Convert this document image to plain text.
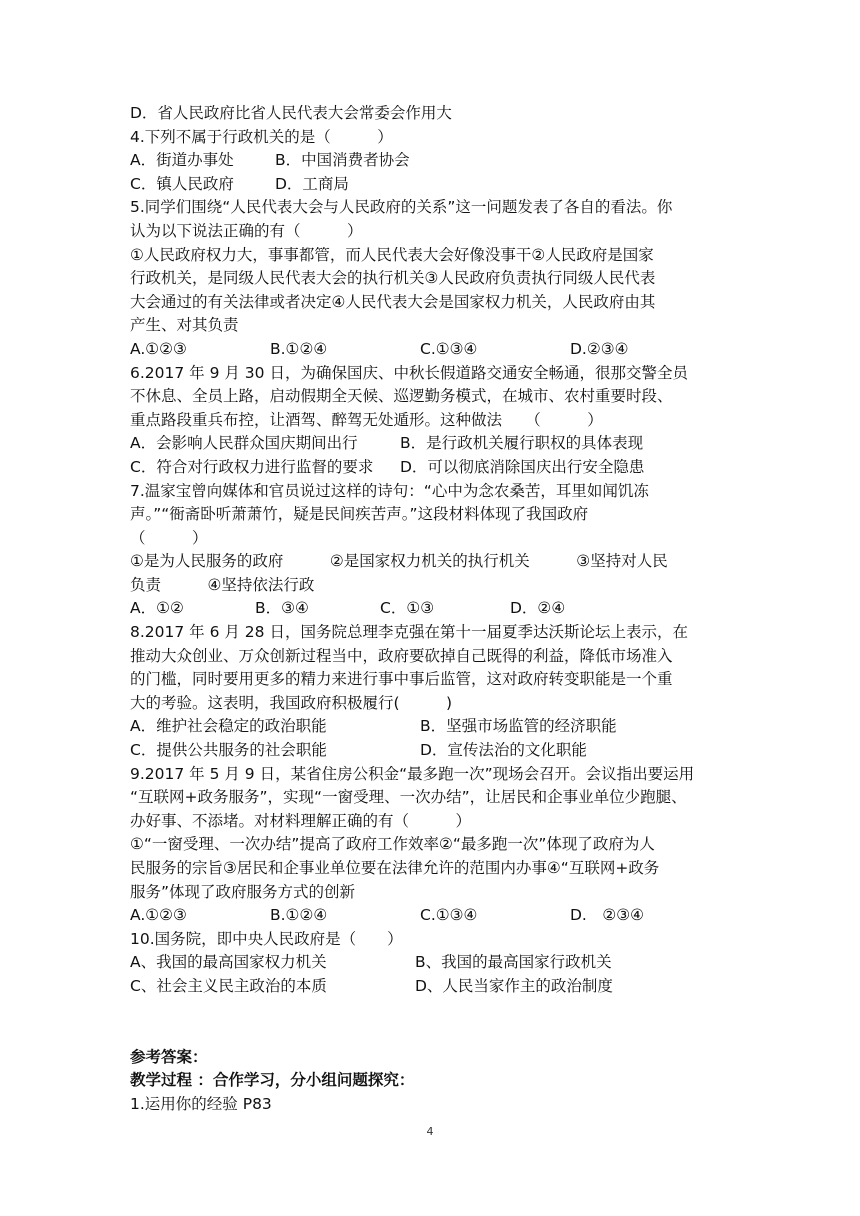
D．省人民政府比省人民代表大会常委会作用大
4.下列不属于行政机关的是（　　　）
A．街道办事处	B．中国消费者协会
C．镇人民政府	D．工商局
5.同学们围绕“人民代表大会与人民政府的关系”这一问题发表了各自的看法。你
认为以下说法正确的有（　　　）
①人民政府权力大，事事都管，而人民代表大会好像没事干②人民政府是国家
行政机关，是同级人民代表大会的执行机关③人民政府负责执行同级人民代表
大会通过的有关法律或者决定④人民代表大会是国家权力机关，人民政府由其
产生、对其负责
A.①②③	B.①②④	C.①③④	D.②③④
6.2017 年 9 月 30 日，为确保国庆、中秋长假道路交通安全畅通，很那交警全员
不休息、全员上路，启动假期全天候、巡逻勤务模式，在城市、农村重要时段、
重点路段重兵布控，让酒驾、醉驾无处遁形。这种做法　　（　　　）
A．会影响人民群众国庆期间出行	B．是行政机关履行职权的具体表现
C．符合对行政权力进行监督的要求	D．可以彻底消除国庆出行安全隐患
7.温家宝曾向媒体和官员说过这样的诗句：“心中为念农桑苦，耳里如闻饥冻
声。”“衙斋卧听萧萧竹，疑是民间疾苦声。”这段材料体现了我国政府
（　　　）
①是为人民服务的政府　　　②是国家权力机关的执行机关　　　③坚持对人民
负责　　　④坚持依法行政
A．①②	B．③④	C．①③	D．②④
8.2017 年 6 月 28 日，国务院总理李克强在第十一届夏季达沃斯论坛上表示，在
推动大众创业、万众创新过程当中，政府要砍掉自己既得的利益，降低市场准入
的门槛，同时要用更多的精力来进行事中事后监管，这对政府转变职能是一个重
大的考验。这表明，我国政府积极履行(　　　)
A．维护社会稳定的政治职能	B．坚强市场监管的经济职能
C．提供公共服务的社会职能	D．宣传法治的文化职能
9.2017 年 5 月 9 日，某省住房公积金“最多跑一次”现场会召开。会议指出要运用
“互联网+政务服务”，实现“一窗受理、一次办结”，让居民和企事业单位少跑腿、
办好事、不添堵。对材料理解正确的有（　　　）
①“一窗受理、一次办结”提高了政府工作效率②“最多跑一次”体现了政府为人
民服务的宗旨③居民和企事业单位要在法律允许的范围内办事④“互联网+政务
服务”体现了政府服务方式的创新
A.①②③	B.①②④	C.①③④	D.　②③④
10.国务院，即中央人民政府是（　　）
A、我国的最高国家权力机关	B、我国的最高国家行政机关
C、社会主义民主政治的本质	D、人民当家作主的政治制度
参考答案：
教学过程 ：合作学习，分小组问题探究：
1.运用你的经验 P83
4
